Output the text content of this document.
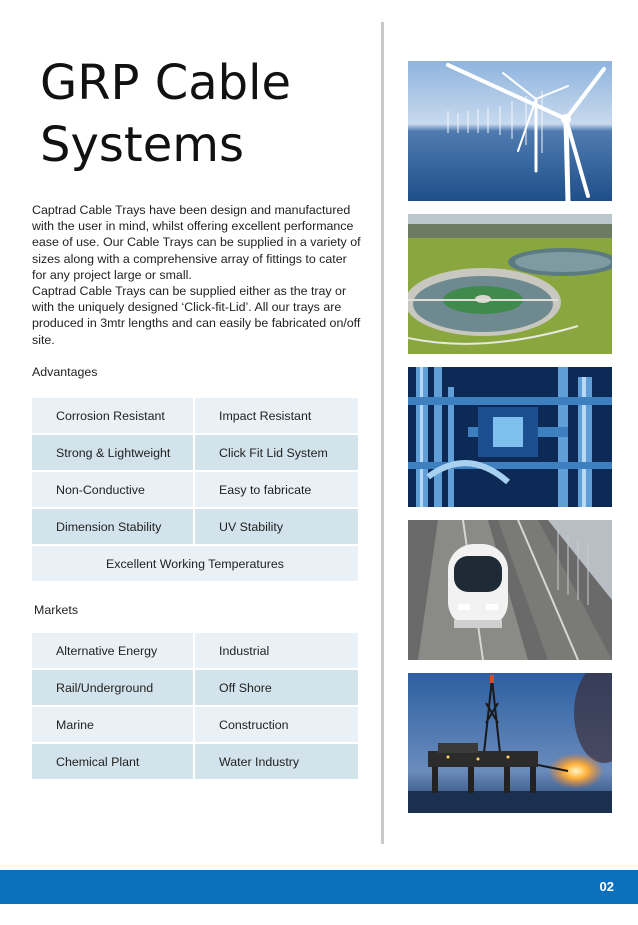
GRP Cable
Systems

Captrad Cable Trays have been design and manufactured with the user in mind, whilst offering excellent performance ease of use. Our Cable Trays can be supplied in a variety of sizes along with a comprehensive array of fittings to cater for any project large or small.

Captrad Cable Trays can be supplied either as the tray or with the uniquely designed ‘Click-fit-Lid’. All our trays are produced in 3mtr lengths and can easily be fabricated on/off site.

Advantages
Corrosion Resistant	Impact Resistant
Strong & Lightweight	Click Fit Lid System
Non-Conductive	Easy to fabricate
Dimension Stability	UV Stability
Excellent Working Temperatures
Markets
Alternative Energy	Industrial
Rail/Underground	Off Shore
Marine	Construction
Chemical Plant	Water Industry
02
